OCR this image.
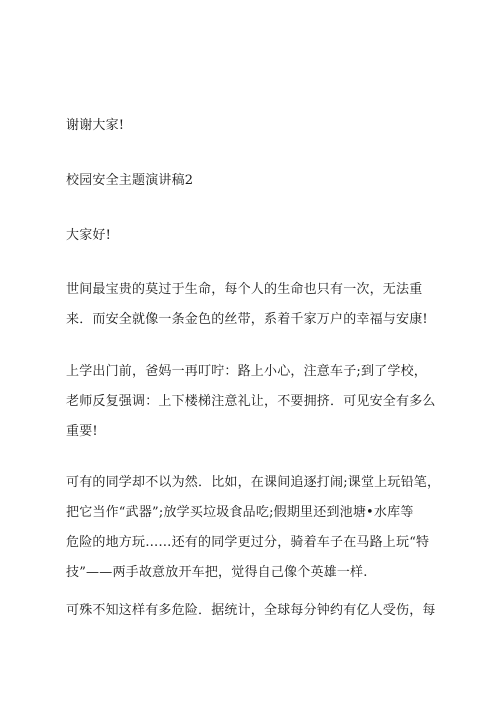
谢谢大家!

校园安全主题演讲稿2

大家好!

世间最宝贵的莫过于生命，每个人的生命也只有一次，无法重
来．而安全就像一条金色的丝带，系着千家万户的幸福与安康!

上学出门前，爸妈一再叮咛：路上小心，注意车子;到了学校，
老师反复强调：上下楼梯注意礼让，不要拥挤．可见安全有多么
重要!

可有的同学却不以为然．比如，在课间追逐打闹;课堂上玩铅笔，
把它当作“武器”;放学买垃圾食品吃;假期里还到池塘•水库等
危险的地方玩……还有的同学更过分，骑着车子在马路上玩“特
技”——两手故意放开车把，觉得自己像个英雄一样.

可殊不知这样有多危险．据统计，全球每分钟约有亿人受伤，每
